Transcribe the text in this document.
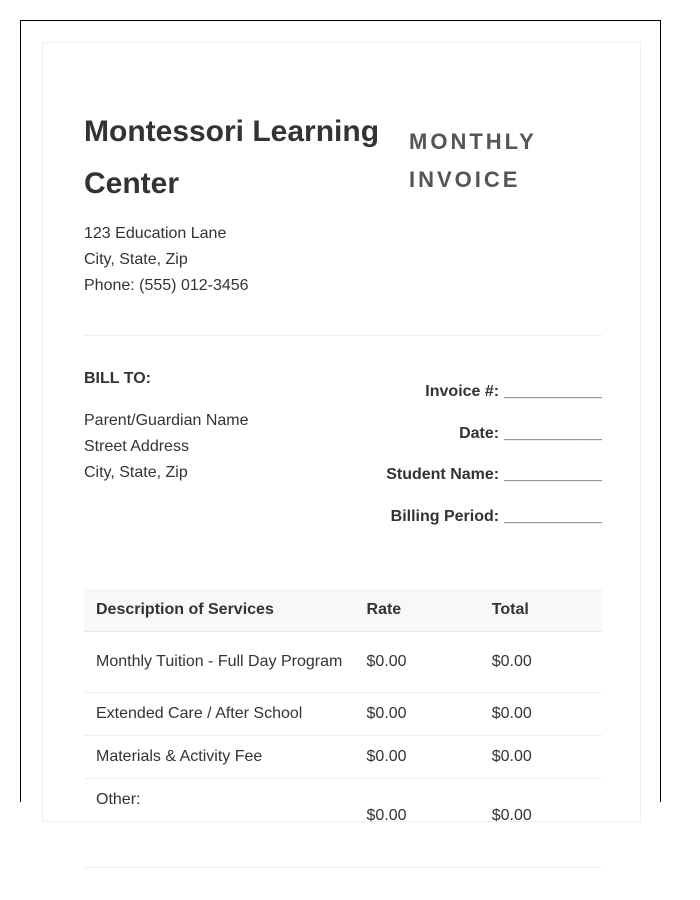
Montessori Learning Center
MONTHLY INVOICE
123 Education Lane
City, State, Zip
Phone: (555) 012-3456
BILL TO:
Parent/Guardian Name
Street Address
City, State, Zip
Invoice #: ___________
Date: ___________
Student Name: ___________
Billing Period: ___________
Description of Services	Rate	Total

Monthly Tuition - Full Day Program	$0.00	$0.00
Extended Care / After School	$0.00	$0.00
Materials & Activity Fee	$0.00	$0.00
Other:	$0.00	$0.00
